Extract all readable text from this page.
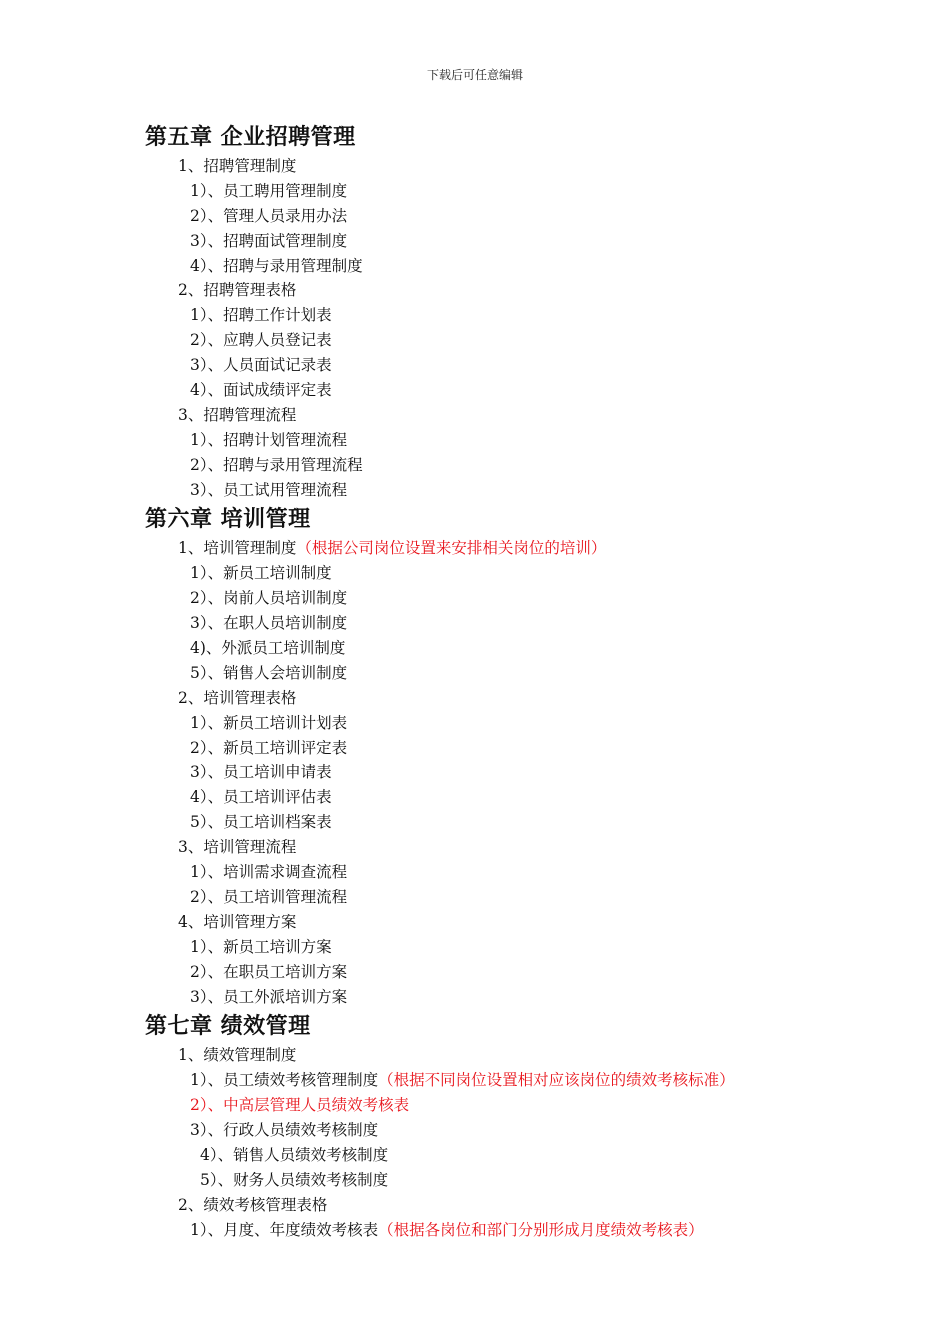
下载后可任意编辑
第五章 企业招聘管理
1、招聘管理制度
1）、员工聘用管理制度
2）、管理人员录用办法
3）、招聘面试管理制度
4）、招聘与录用管理制度
2、招聘管理表格
1）、招聘工作计划表
2）、应聘人员登记表
3）、人员面试记录表
4）、面试成绩评定表
3、招聘管理流程
1）、招聘计划管理流程
2）、招聘与录用管理流程
3）、员工试用管理流程
第六章 培训管理
1、培训管理制度（根据公司岗位设置来安排相关岗位的培训）
1）、新员工培训制度
2）、岗前人员培训制度
3）、在职人员培训制度
4)、外派员工培训制度
5）、销售人会培训制度
2、培训管理表格
1）、新员工培训计划表
2）、新员工培训评定表
3）、员工培训申请表
4）、员工培训评估表
5）、员工培训档案表
3、培训管理流程
1）、培训需求调查流程
2）、员工培训管理流程
4、培训管理方案
1）、新员工培训方案
2）、在职员工培训方案
3）、员工外派培训方案
第七章 绩效管理
1、绩效管理制度
1）、员工绩效考核管理制度（根据不同岗位设置相对应该岗位的绩效考核标准）
2）、中高层管理人员绩效考核表
3）、行政人员绩效考核制度
4）、销售人员绩效考核制度
5）、财务人员绩效考核制度
2、绩效考核管理表格
1）、月度、年度绩效考核表（根据各岗位和部门分别形成月度绩效考核表）
